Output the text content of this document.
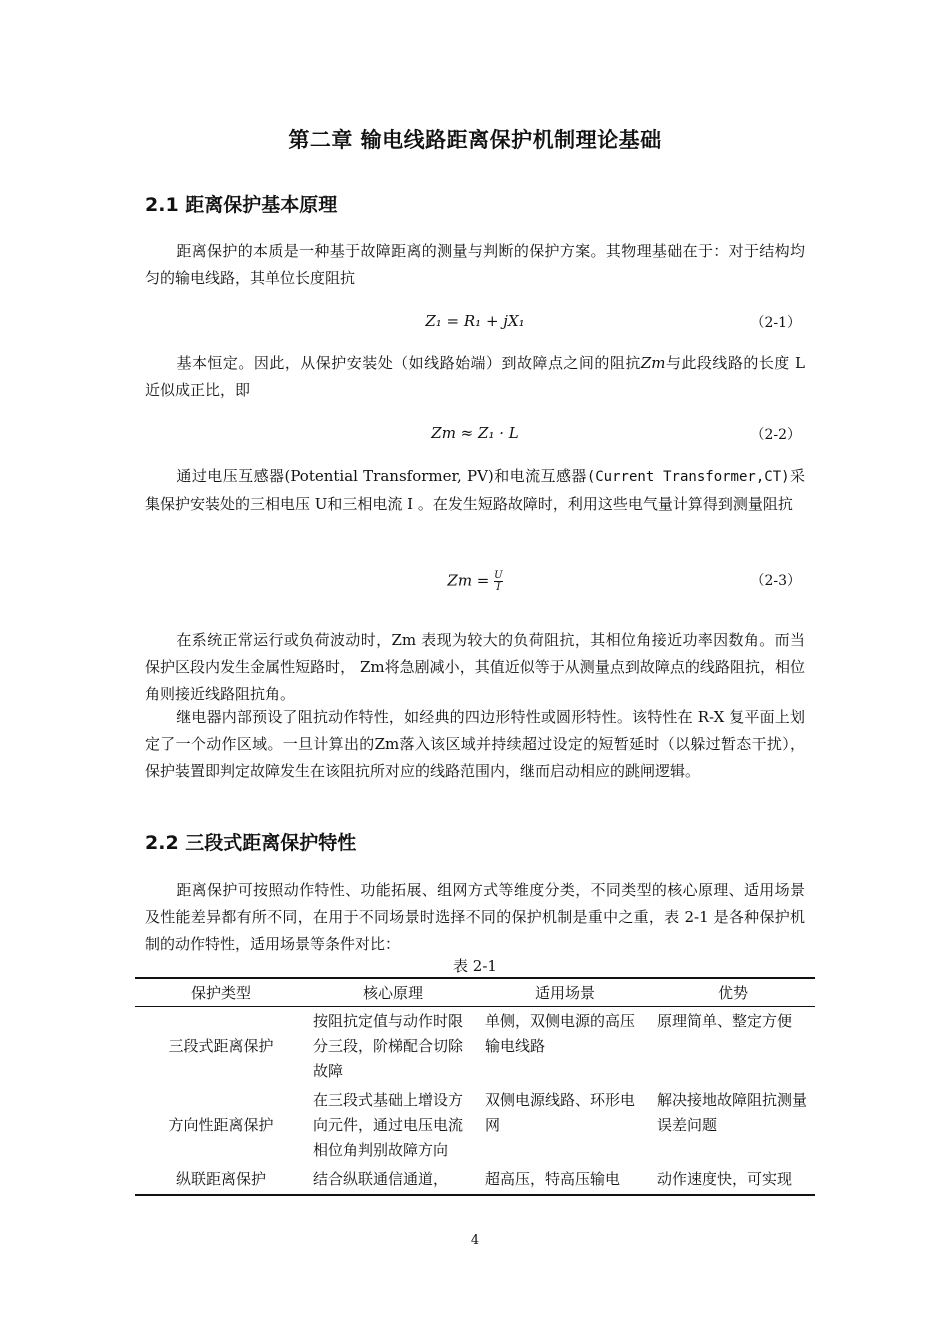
第二章 输电线路距离保护机制理论基础
2.1 距离保护基本原理
距离保护的本质是一种基于故障距离的测量与判断的保护方案。其物理基础在于：对于结构均匀的输电线路，其单位长度阻抗
Z₁ = R₁ + jX₁	（2-1）
基本恒定。因此，从保护安装处（如线路始端）到故障点之间的阻抗Zm与此段线路的长度 L 近似成正比，即
Zm ≈ Z₁ · L	（2-2）
通过电压互感器(Potential Transformer, PV)和电流互感器(Current Transformer,CT)采集保护安装处的三相电压 U和三相电流 I 。在发生短路故障时，利用这些电气量计算得到测量阻抗
$Zm = \frac{U}{I}$	（2-3）
在系统正常运行或负荷波动时，Zm 表现为较大的负荷阻抗，其相位角接近功率因数角。而当保护区段内发生金属性短路时， Zm将急剧减小，其值近似等于从测量点到故障点的线路阻抗，相位角则接近线路阻抗角。
继电器内部预设了阻抗动作特性，如经典的四边形特性或圆形特性。该特性在 R-X 复平面上划定了一个动作区域。一旦计算出的Zm落入该区域并持续超过设定的短暂延时（以躲过暂态干扰），保护装置即判定故障发生在该阻抗所对应的线路范围内，继而启动相应的跳闸逻辑。
2.2 三段式距离保护特性
距离保护可按照动作特性、功能拓展、组网方式等维度分类，不同类型的核心原理、适用场景及性能差异都有所不同，在用于不同场景时选择不同的保护机制是重中之重，表 2-1 是各种保护机制的动作特性，适用场景等条件对比：
表 2-1
保护类型	核心原理	适用场景	优势
三段式距离保护	按阻抗定值与动作时限分三段，阶梯配合切除故障	单侧，双侧电源的高压输电线路	原理简单、整定方便
方向性距离保护	在三段式基础上增设方向元件，通过电压电流相位角判别故障方向	双侧电源线路、环形电网	解决接地故障阻抗测量误差问题
纵联距离保护	结合纵联通信通道，	超高压，特高压输电	动作速度快，可实现
4
